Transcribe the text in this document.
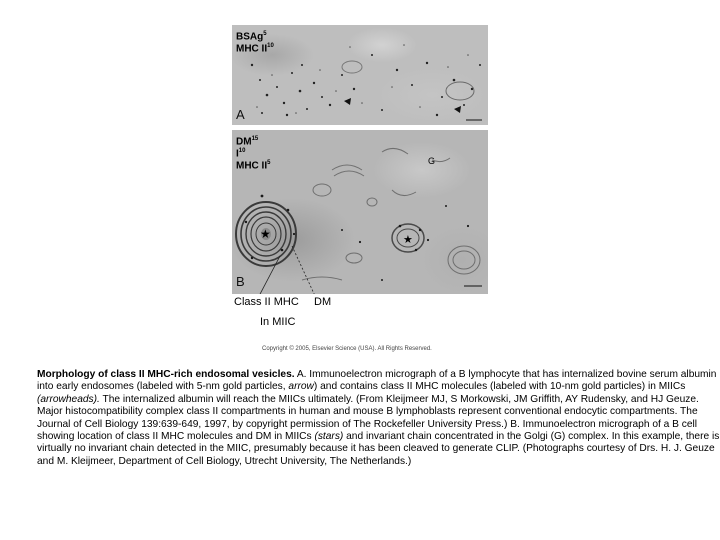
BSAg$^5$
MHC II$^{10}$
A
★	★
DM$^{15}$
$I^{10}$
MHC $II^5$	G
B
Class II MHC DM
In MIIC
Copyright © 2005, Elsevier Science (USA). All Rights Reserved.
Morphology of class II MHC-rich endosomal vesicles. A. Immunoelectron micrograph of a B lymphocyte that has internalized bovine serum albumin into early endosomes (labeled with 5-nm gold particles, arrow) and contains class II MHC molecules (labeled with 10-nm gold particles) in MIICs (arrowheads). The internalized albumin will reach the MIICs ultimately. (From Kleijmeer MJ, S Morkowski, JM Griffith, AY Rudensky, and HJ Geuze. Major histocompatibility complex class II compartments in human and mouse B lymphoblasts represent conventional endocytic compartments. The Journal of Cell Biology 139:639-649, 1997, by copyright permission of The Rockefeller University Press.) B. Immunoelectron micrograph of a B cell showing location of class II MHC molecules and DM in MIICs (stars) and invariant chain concentrated in the Golgi (G) complex. In this example, there is virtually no invariant chain detected in the MIIC, presumably because it has been cleaved to generate CLIP. (Photographs courtesy of Drs. H. J. Geuze and M. Kleijmeer, Department of Cell Biology, Utrecht University, The Netherlands.)
